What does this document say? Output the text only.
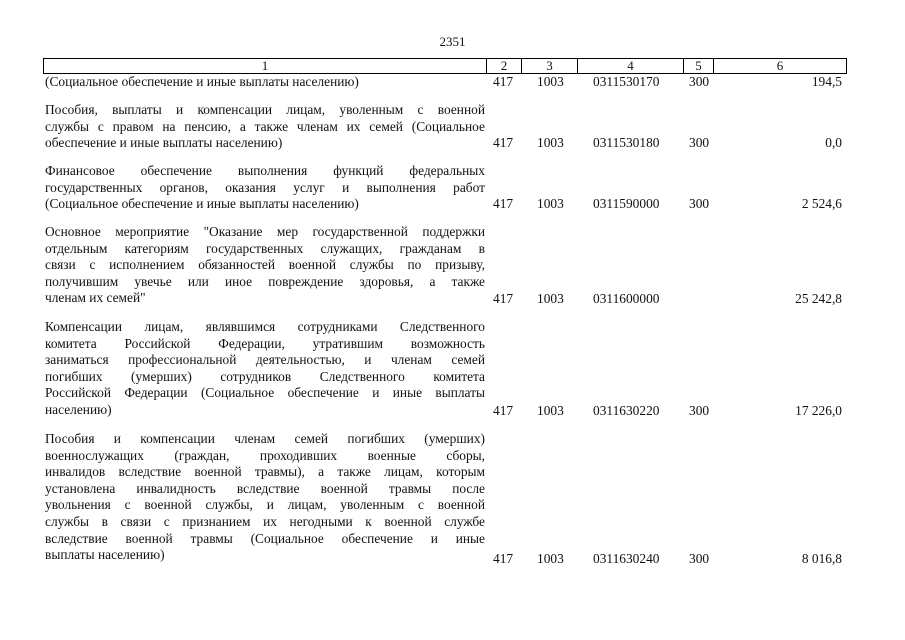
2351
1	2	3	4	5	6
(Социальное обеспечение и иные выплаты населению)	417 1003 0311530170 300	194,5
Пособия, выплаты и компенсации лицам, уволенным с военной
службы с правом на пенсию, а также членам их семей (Социальное
обеспечение и иные выплаты населению)	417 1003 0311530180 300	0,0
Финансовое обеспечение выполнения функций федеральных
государственных органов, оказания услуг и выполнения работ
(Социальное обеспечение и иные выплаты населению)	417 1003 0311590000 300	2 524,6
Основное мероприятие "Оказание мер государственной поддержки
отдельным категориям государственных служащих, гражданам в
связи с исполнением обязанностей военной службы по призыву,
получившим увечье или иное повреждение здоровья, а также
членам их семей"	417 1003 0311600000	25 242,8
Компенсации лицам, являвшимся сотрудниками Следственного
комитета Российской Федерации, утратившим возможность
заниматься профессиональной деятельностью, и членам семей
погибших (умерших) сотрудников Следственного комитета
Российской Федерации (Социальное обеспечение и иные выплаты
населению)	417 1003 0311630220 300	17 226,0
Пособия и компенсации членам семей погибших (умерших)
военнослужащих (граждан, проходивших военные сборы,
инвалидов вследствие военной травмы), а также лицам, которым
установлена инвалидность вследствие военной травмы после
увольнения с военной службы, и лицам, уволенным с военной
службы в связи с признанием их негодными к военной службе
вследствие военной травмы (Социальное обеспечение и иные
выплаты населению)	417 1003 0311630240 300	8 016,8
